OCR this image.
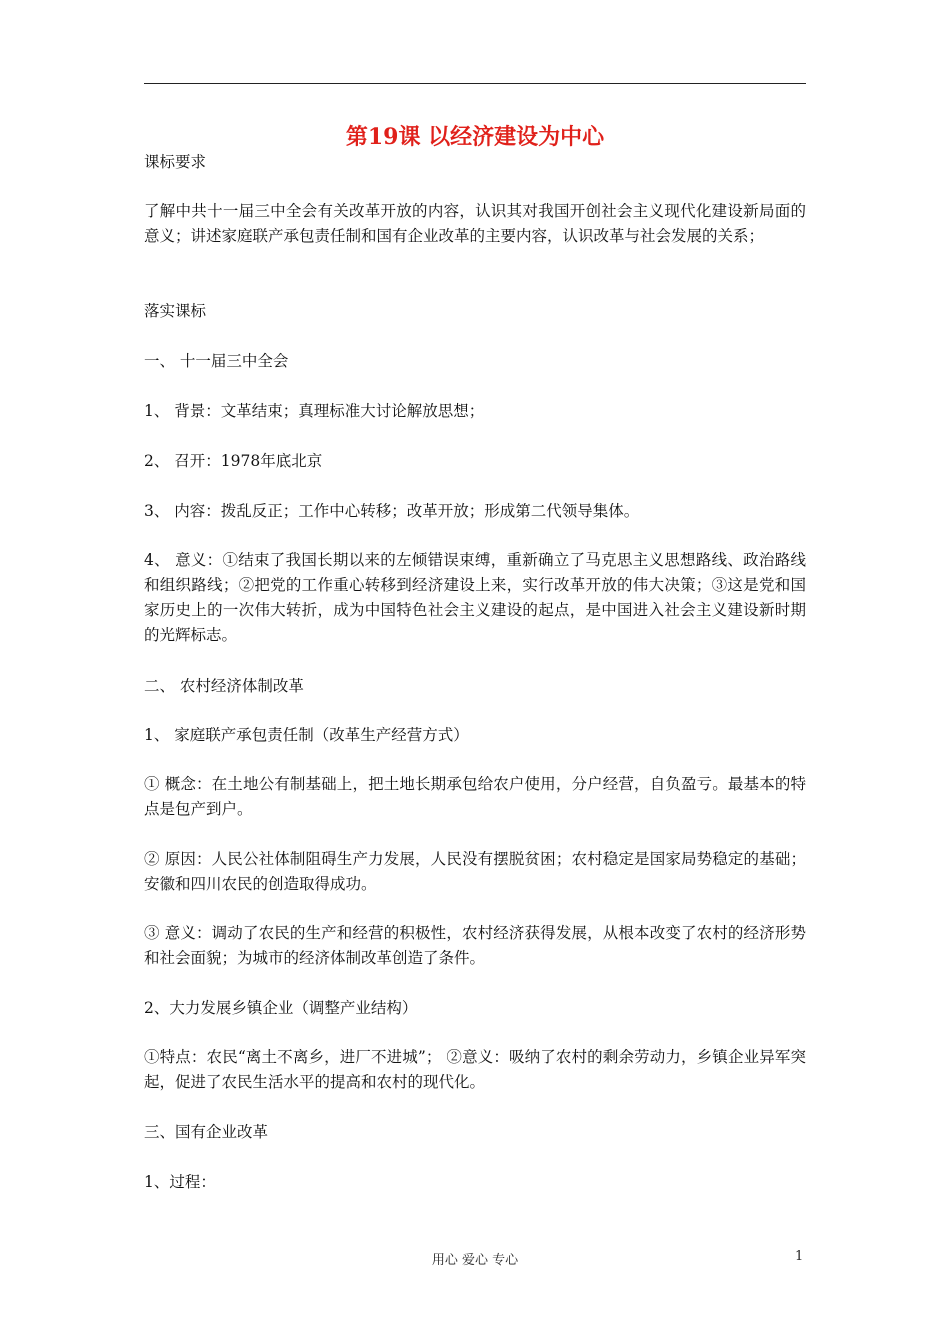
第19课 以经济建设为中心

课标要求

了解中共十一届三中全会有关改革开放的内容，认识其对我国开创社会主义现代化建设新局面的意义；讲述家庭联产承包责任制和国有企业改革的主要内容，认识改革与社会发展的关系；

落实课标

一、 十一届三中全会

1、 背景：文革结束；真理标准大讨论解放思想；

2、 召开：1978年底北京

3、 内容：拨乱反正；工作中心转移；改革开放；形成第二代领导集体。

4、 意义：①结束了我国长期以来的左倾错误束缚，重新确立了马克思主义思想路线、政治路线和组织路线；②把党的工作重心转移到经济建设上来，实行改革开放的伟大决策；③这是党和国家历史上的一次伟大转折，成为中国特色社会主义建设的起点，是中国进入社会主义建设新时期的光辉标志。

二、 农村经济体制改革

1、 家庭联产承包责任制（改革生产经营方式）

① 概念：在土地公有制基础上，把土地长期承包给农户使用，分户经营，自负盈亏。最基本的特点是包产到户。

② 原因：人民公社体制阻碍生产力发展，人民没有摆脱贫困；农村稳定是国家局势稳定的基础；安徽和四川农民的创造取得成功。

③ 意义：调动了农民的生产和经营的积极性，农村经济获得发展，从根本改变了农村的经济形势和社会面貌；为城市的经济体制改革创造了条件。

2、大力发展乡镇企业（调整产业结构）

①特点：农民“离土不离乡，进厂不进城”； ②意义：吸纳了农村的剩余劳动力，乡镇企业异军突起，促进了农民生活水平的提高和农村的现代化。

三、国有企业改革

1、过程：

用心 爱心 专心	1
